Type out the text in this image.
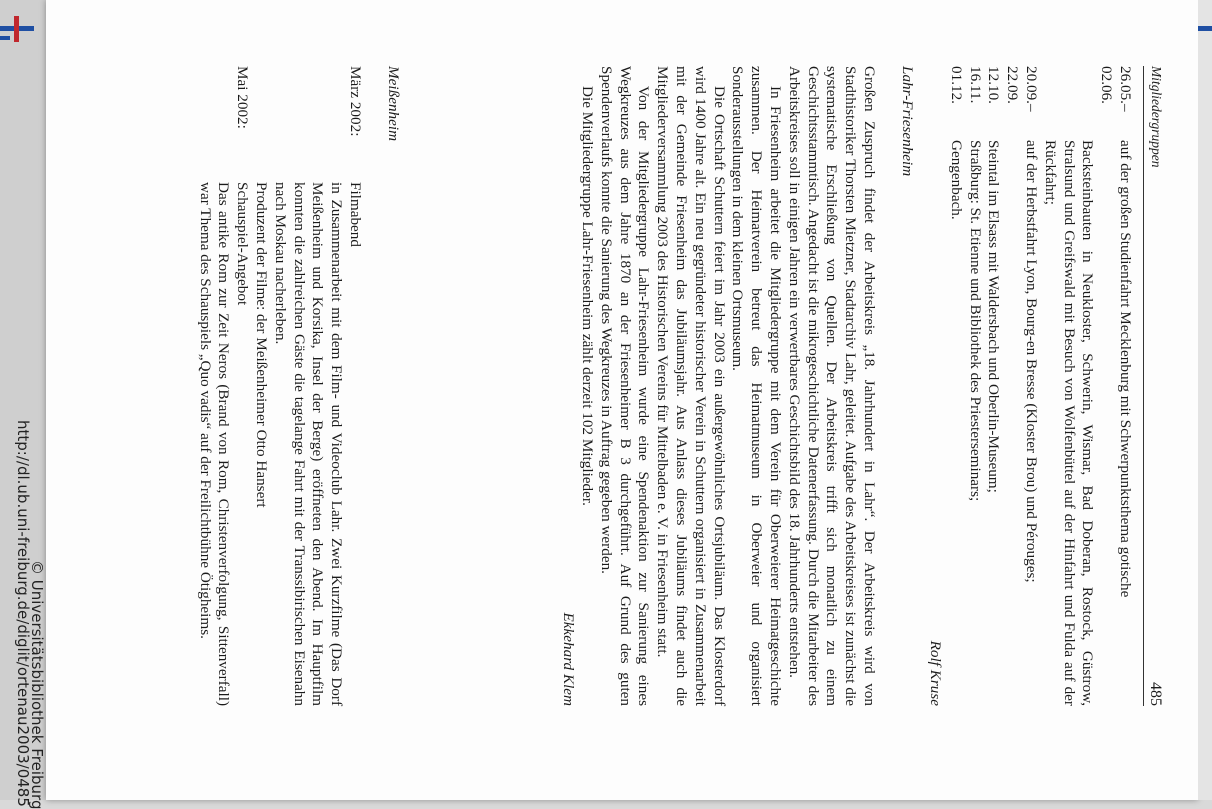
Mitgliedergruppen
485
26.05.–02.06.
auf der großen Studienfahrt Mecklenburg mit Schwerpunktsthema gotische
Backsteinbauten in Neukloster, Schwerin, Wismar, Bad Doberan, Rostock, Güstrow, Stralsund und Greifswald mit Besuch von Wolfenbüttel auf der Hinfahrt und Fulda auf der Rückfahrt;
20.09.–22.09.
auf der Herbstfahrt Lyon, Bourg-en Bresse (Kloster Brou) und Pérouges;
12.10.
Steintal im Elsass mit Waldersbach und Oberlin-Museum;
16.11.
Straßburg: St. Etienne und Bibliothek des Priesterseminars;
01.12.
Gengenbach.
Rolf Kruse
Lahr-Friesenheim
Großen Zuspruch findet der Arbeitskreis „18. Jahrhundert in Lahr“. Der Arbeitskreis wird von Stadthistoriker Thorsten Mietzner, Stadtarchiv Lahr, geleitet. Aufgabe des Arbeitskreises ist zunächst die systematische Erschließung von Quellen. Der Arbeitskreis trifft sich monatlich zu einem Geschichtsstammtisch. Angedacht ist die mikrogeschichtliche Datenerfassung. Durch die Mitarbeiter des Arbeitskreises soll in einigen Jahren ein verwertbares Geschichtsbild des 18. Jahrhunderts entstehen.
In Friesenheim arbeitet die Mitgliedergruppe mit dem Verein für Oberweierer Heimatgeschichte zusammen. Der Heimatverein betreut das Heimatmuseum in Oberweier und organisiert Sonderausstellungen in dem kleinen Ortsmuseum.
Die Ortschaft Schuttern feiert im Jahr 2003 ein außergewöhnliches Ortsjubiläum. Das Klosterdorf wird 1400 Jahre alt. Ein neu gegründeter historischer Verein in Schuttern organisiert in Zusammenarbeit mit der Gemeinde Friesenheim das Jubiläumsjahr. Aus Anlass dieses Jubiläums findet auch die Mitgliederversammlung 2003 des Historischen Vereins für Mittelbaden e. V. in Friesenheim statt.
Von der Mitgliedergruppe Lahr-Friesenheim wurde eine Spendenaktion zur Sanierung eines Wegkreuzes aus dem Jahre 1870 an der Friesenheimer B 3 durchgeführt. Auf Grund des guten Spendenverlaufs konnte die Sanierung des Wegkreuzes in Auftrag gegeben werden.
Die Mitgliedergruppe Lahr-Friesenheim zählt derzeit 102 Mitglieder.
Ekkehard Klem
Meißenheim
März 2002:
Filmabend
in Zusammenarbeit mit dem Film- und Videoclub Lahr. Zwei Kurzfilme (Das Dorf Meißenheim und Korsika, Insel der Berge) eröffneten den Abend. Im Hauptfilm konnten die zahlreichen Gäste die tagelange Fahrt mit der Transsibirischen Eisenahn nach Moskau nacherleben.
Produzent der Filme: der Meißenheimer Otto Hansert
Mai 2002:
Schauspiel-Angebot
Das antike Rom zur Zeit Neros (Brand von Rom, Christenverfolgung, Sittenverfall) war Thema des Schauspiels „Quo vadis“ auf der Freilichtbühne Ötigheims.
http://dl.ub.uni-freiburg.de/diglit/ortenau2003/0485
© Universitätsbibliothek Freiburg
